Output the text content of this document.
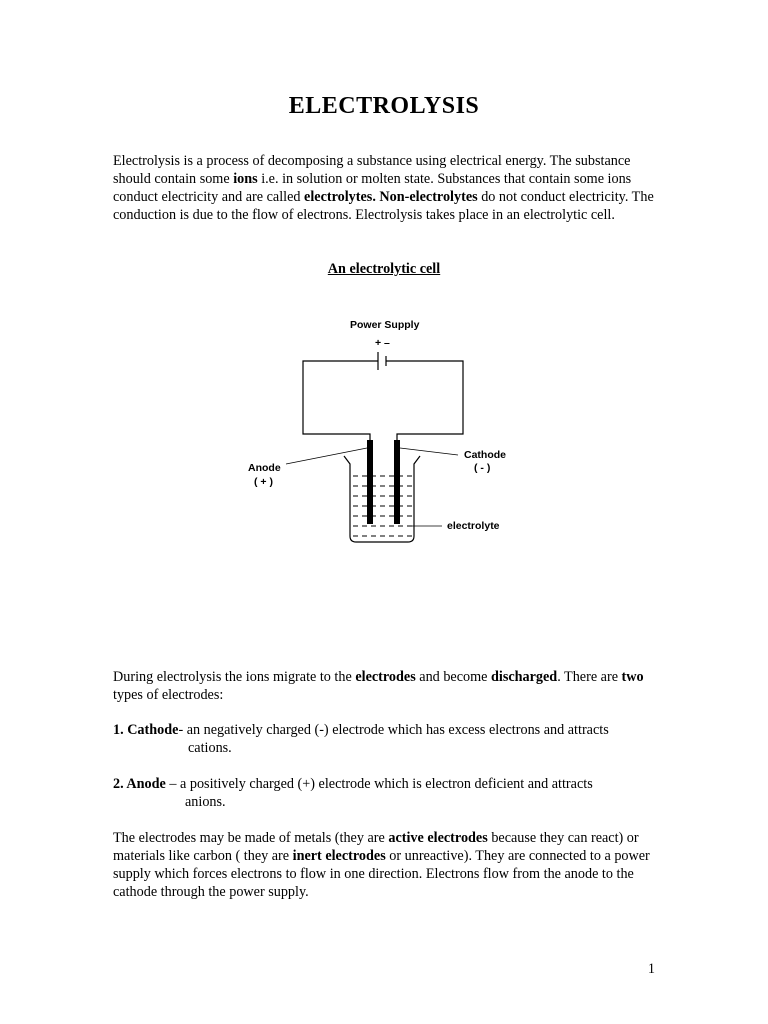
ELECTROLYSIS

Electrolysis is a process of decomposing a substance using electrical energy. The substance should contain some ions i.e. in solution or molten state. Substances that contain some ions conduct electricity and are called electrolytes. Non-electrolytes do not conduct electricity. The conduction is due to the flow of electrons. Electrolysis takes place in an electrolytic cell.

An electrolytic cell
Power Supply
+ –
Anode
( + )
Cathode
( - )
electrolyte

During electrolysis the ions migrate to the electrodes and become discharged. There are two types of electrodes:

1. Cathode- an negatively charged (-) electrode which has excess electrons and attracts
cations.
2. Anode – a positively charged (+) electrode which is electron deficient and attracts
anions.

The electrodes may be made of metals (they are active electrodes because they can react) or materials like carbon ( they are inert electrodes or unreactive). They are connected to a power supply which forces electrons to flow in one direction. Electrons flow from the anode to the cathode through the power supply.

1
